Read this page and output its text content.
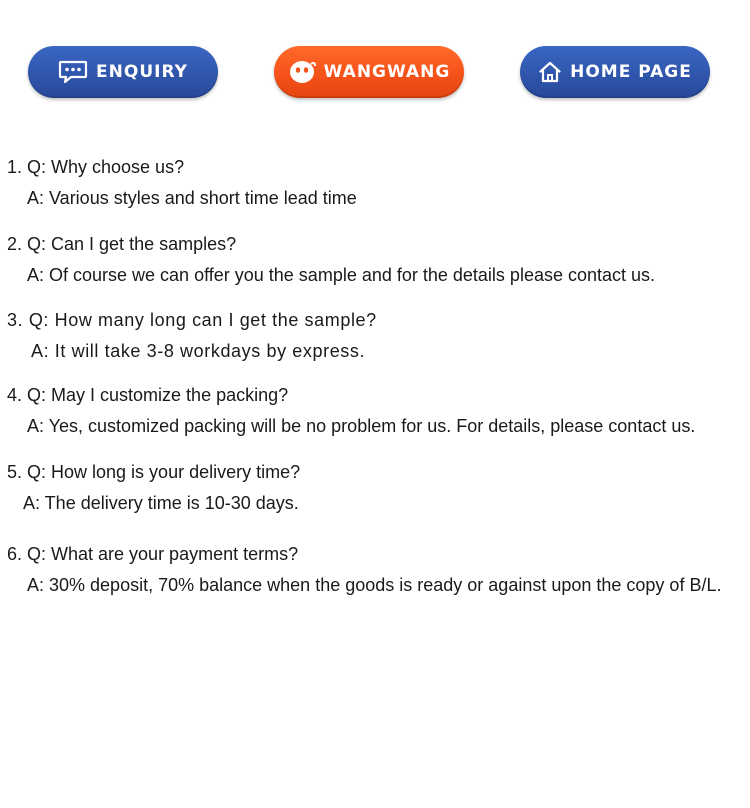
ENQUIRY	WANGWANG	HOME PAGE
1. Q: Why choose us?
A: Various styles and short time lead time
2. Q: Can I get the samples?
A: Of course we can offer you the sample and for the details please contact us.
3. Q: How many long can I get the sample?
A: It will take 3-8 workdays by express.
4. Q: May I customize the packing?
A: Yes, customized packing will be no problem for us. For details, please contact us.
5. Q: How long is your delivery time?
A: The delivery time is 10-30 days.
6. Q: What are your payment terms?
A: 30% deposit, 70% balance when the goods is ready or against upon the copy of B/L.
